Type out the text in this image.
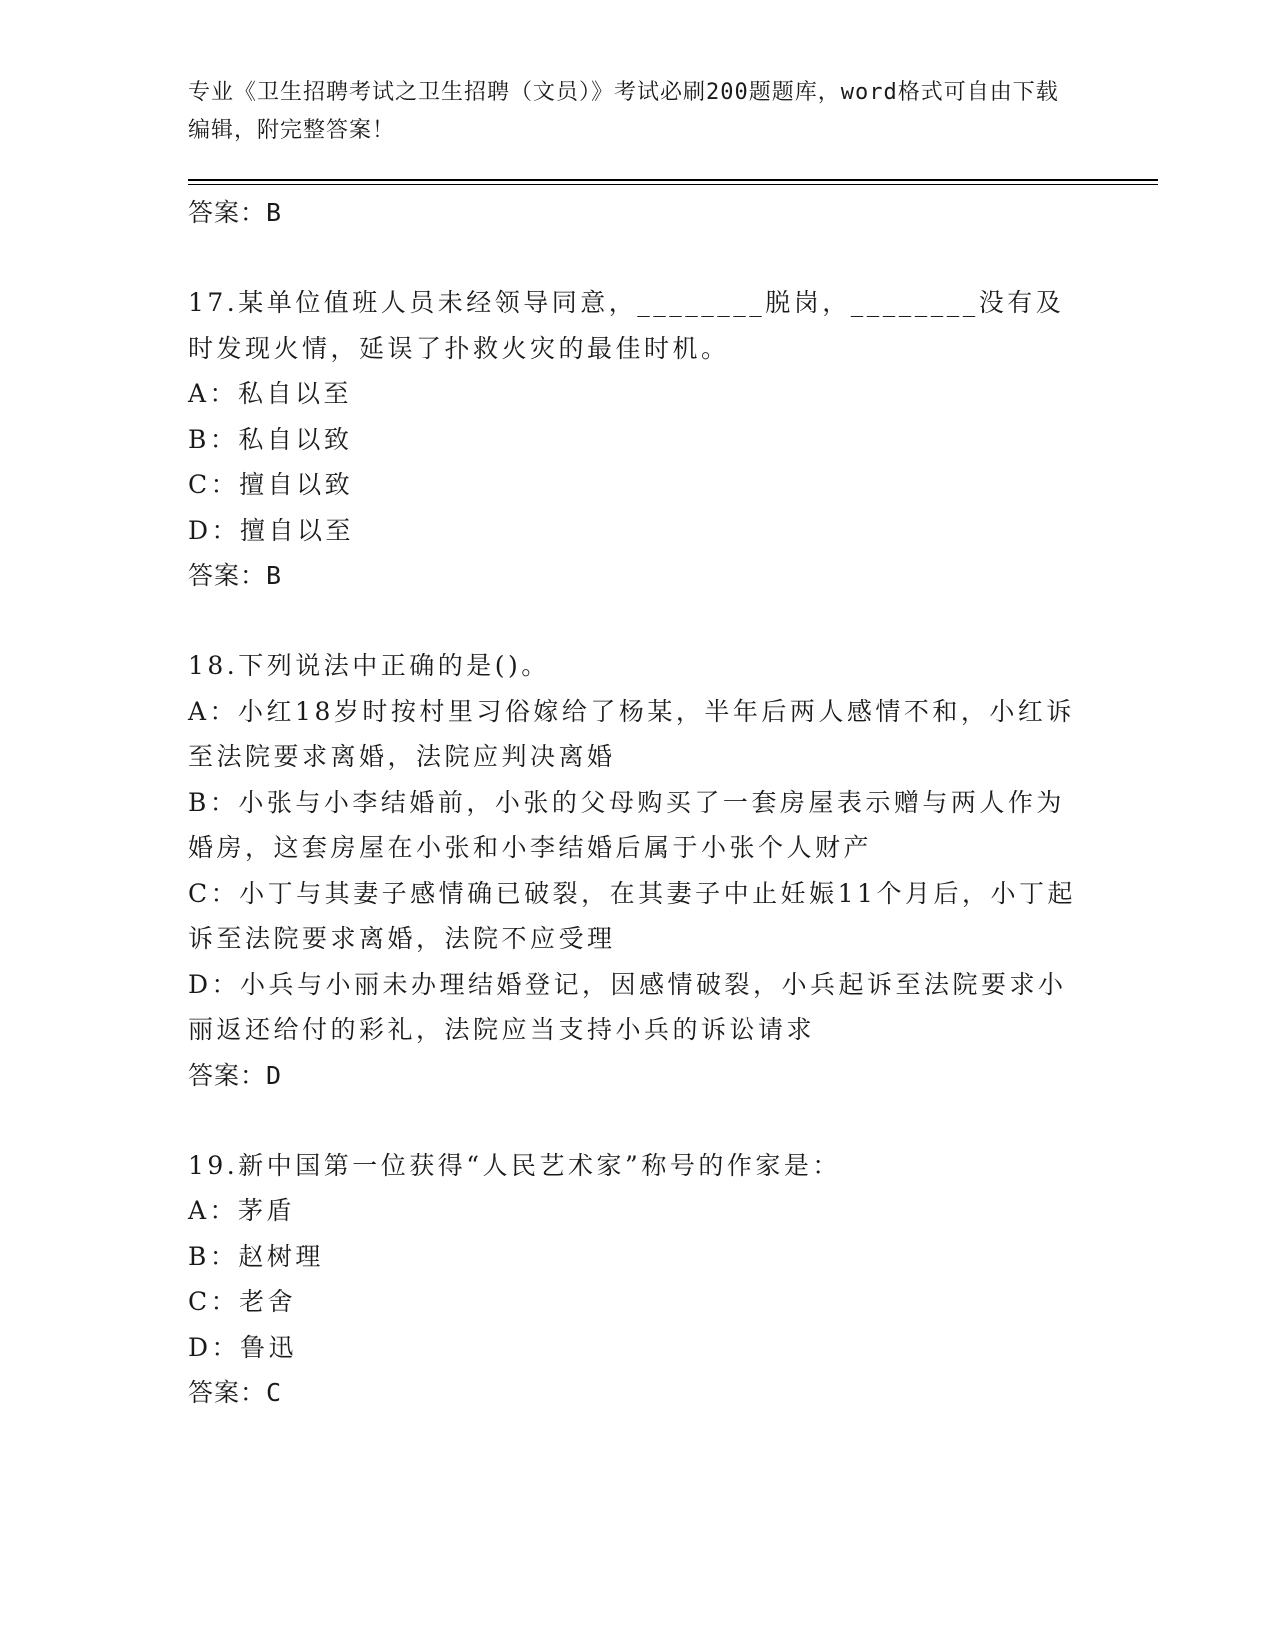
专业《卫生招聘考试之卫生招聘（文员）》考试必刷200题题库，word格式可自由下载编辑，附完整答案！
答案：B
17.某单位值班人员未经领导同意，________脱岗，________没有及时发现火情，延误了扑救火灾的最佳时机。
A：私自以至
B：私自以致
C：擅自以致
D：擅自以至
答案：B
18.下列说法中正确的是()。
A：小红18岁时按村里习俗嫁给了杨某，半年后两人感情不和，小红诉至法院要求离婚，法院应判决离婚
B：小张与小李结婚前，小张的父母购买了一套房屋表示赠与两人作为婚房，这套房屋在小张和小李结婚后属于小张个人财产
C：小丁与其妻子感情确已破裂，在其妻子中止妊娠11个月后，小丁起诉至法院要求离婚，法院不应受理
D：小兵与小丽未办理结婚登记，因感情破裂，小兵起诉至法院要求小丽返还给付的彩礼，法院应当支持小兵的诉讼请求
答案：D
19.新中国第一位获得“人民艺术家”称号的作家是：
A：茅盾
B：赵树理
C：老舍
D：鲁迅
答案：C
